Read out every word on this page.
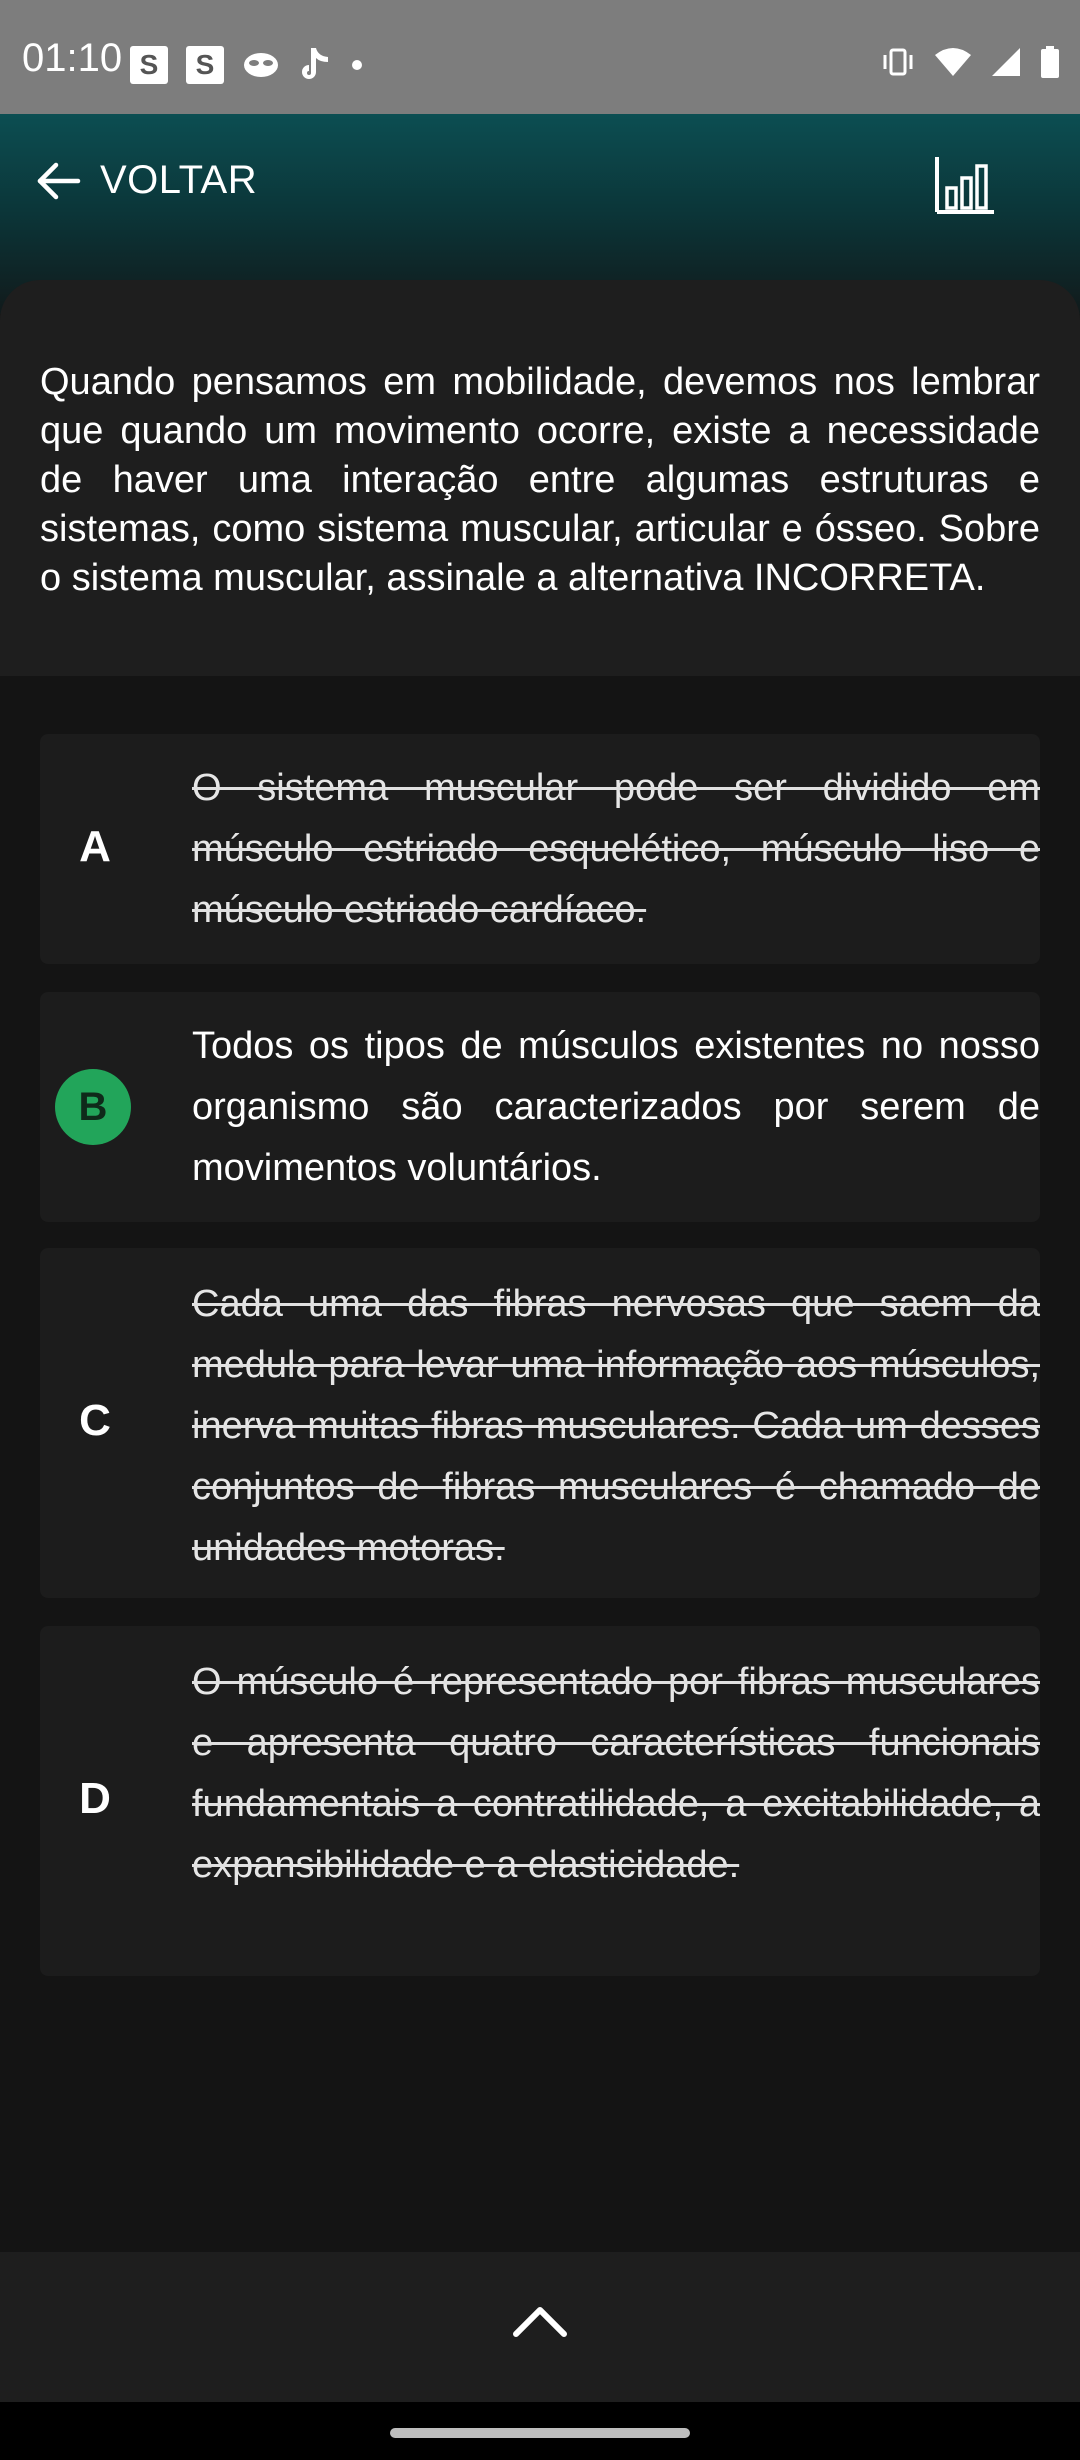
01:10 S	S
VOLTAR
Quando pensamos em mobilidade, devemos nos lembrar que quando um movimento ocorre, existe a necessidade de haver uma interação entre algumas estruturas e sistemas, como sistema muscular, articular e ósseo. Sobre o sistema muscular, assinale a alternativa INCORRETA.
A
O sistema muscular pode ser dividido em músculo estriado esquelético, músculo liso e músculo estriado cardíaco.
B
Todos os tipos de músculos existentes no nosso organismo são caracterizados por serem de movimentos voluntários.
C
Cada uma das fibras nervosas que saem da medula para levar uma informação aos músculos, inerva muitas fibras musculares. Cada um desses conjuntos de fibras musculares é chamado de unidades motoras.
D
O músculo é representado por fibras musculares e apresenta quatro características funcionais fundamentais a contratilidade, a excitabilidade, a expansibilidade e a elasticidade.
